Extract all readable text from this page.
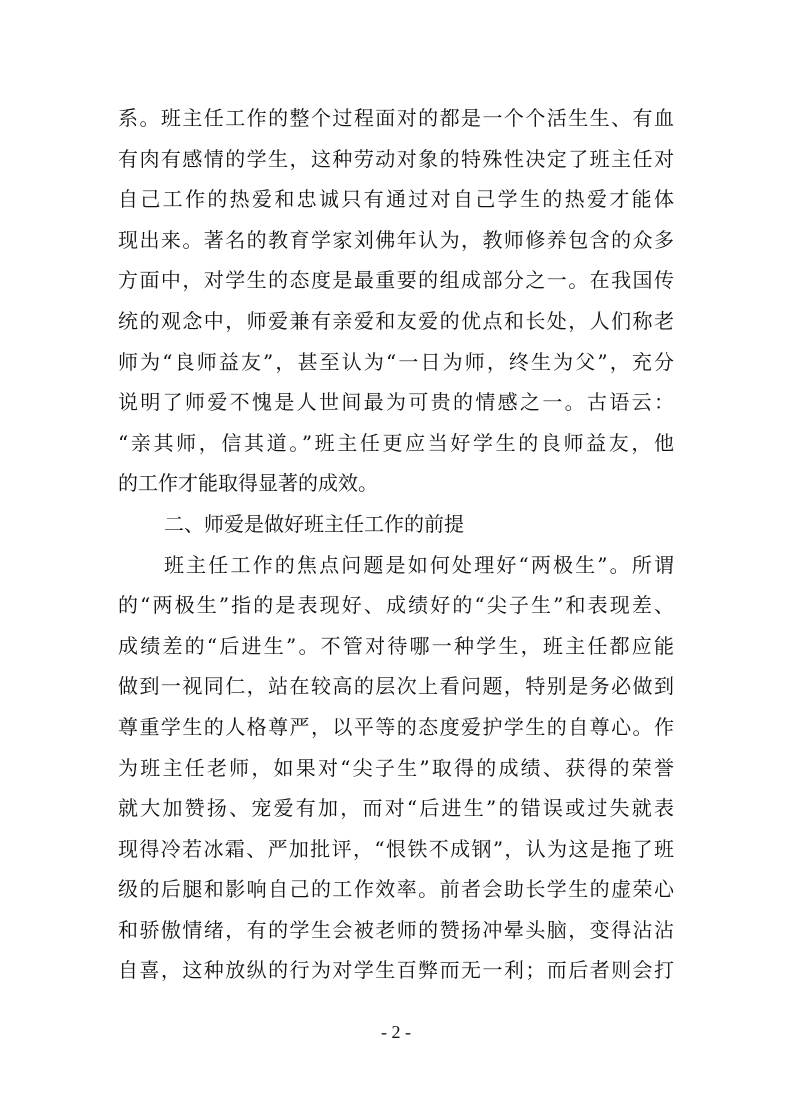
系。班主任工作的整个过程面对的都是一个个活生生、有血
有肉有感情的学生，这种劳动对象的特殊性决定了班主任对
自己工作的热爱和忠诚只有通过对自己学生的热爱才能体
现出来。著名的教育学家刘佛年认为，教师修养包含的众多
方面中，对学生的态度是最重要的组成部分之一。在我国传
统的观念中，师爱兼有亲爱和友爱的优点和长处，人们称老
师为“良师益友”，甚至认为“一日为师，终生为父”，充分
说明了师爱不愧是人世间最为可贵的情感之一。古语云：
“亲其师，信其道。”班主任更应当好学生的良师益友，他
的工作才能取得显著的成效。
二、师爱是做好班主任工作的前提
班主任工作的焦点问题是如何处理好“两极生”。所谓
的“两极生”指的是表现好、成绩好的“尖子生”和表现差、
成绩差的“后进生”。不管对待哪一种学生，班主任都应能
做到一视同仁，站在较高的层次上看问题，特别是务必做到
尊重学生的人格尊严，以平等的态度爱护学生的自尊心。作
为班主任老师，如果对“尖子生”取得的成绩、获得的荣誉
就大加赞扬、宠爱有加，而对“后进生”的错误或过失就表
现得冷若冰霜、严加批评，“恨铁不成钢”，认为这是拖了班
级的后腿和影响自己的工作效率。前者会助长学生的虚荣心
和骄傲情绪，有的学生会被老师的赞扬冲晕头脑，变得沾沾
自喜，这种放纵的行为对学生百弊而无一利；而后者则会打
- 2 -
